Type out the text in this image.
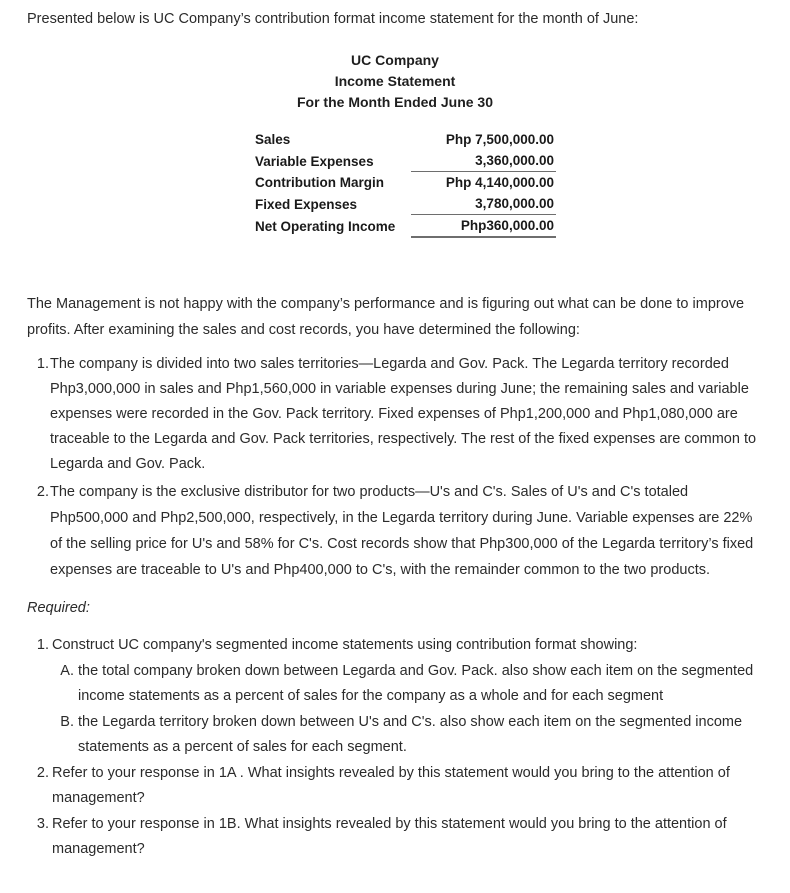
Presented below is UC Company’s contribution format income statement for the month of June:
UC Company
Income Statement
For the Month Ended June 30
Sales	Php 7,500,000.00
Variable Expenses	3,360,000.00
Contribution Margin	Php 4,140,000.00
Fixed Expenses	3,780,000.00
Net Operating Income	Php360,000.00
The Management is not happy with the company’s performance and is figuring out what can be done to improve profits. After examining the sales and cost records, you have determined the following:
1. The company is divided into two sales territories—Legarda and Gov. Pack. The Legarda territory recorded Php3,000,000 in sales and Php1,560,000 in variable expenses during June; the remaining sales and variable expenses were recorded in the Gov. Pack territory. Fixed expenses of Php1,200,000 and Php1,080,000 are traceable to the Legarda and Gov. Pack territories, respectively. The rest of the fixed expenses are common to Legarda and Gov. Pack.
2. The company is the exclusive distributor for two products—U's and C's. Sales of U's and C's totaled Php500,000 and Php2,500,000, respectively, in the Legarda territory during June. Variable expenses are 22% of the selling price for U's and 58% for C's. Cost records show that Php300,000 of the Legarda territory’s fixed expenses are traceable to U's and Php400,000 to C's, with the remainder common to the two products.
Required:
1. Construct UC company's segmented income statements using contribution format showing:
A. the total company broken down between Legarda and Gov. Pack. also show each item on the segmented income statements as a percent of sales for the company as a whole and for each segment
B. the Legarda territory broken down between U's and C's. also show each item on the segmented income statements as a percent of sales for each segment.
2. Refer to your response in 1A . What insights revealed by this statement would you bring to the attention of management?
3. Refer to your response in 1B. What insights revealed by this statement would you bring to the attention of management?
